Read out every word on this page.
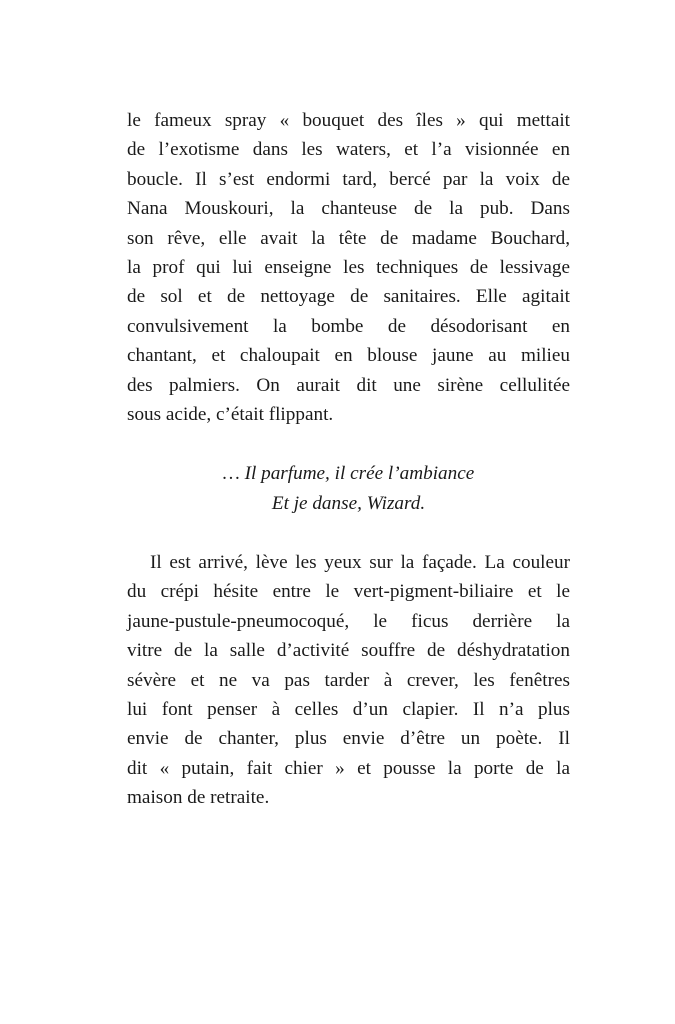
le fameux spray « bouquet des îles » qui mettait
de l’exotisme dans les waters, et l’a visionnée en
boucle. Il s’est endormi tard, bercé par la voix de
Nana Mouskouri, la chanteuse de la pub. Dans
son rêve, elle avait la tête de madame Bouchard,
la prof qui lui enseigne les techniques de lessivage
de sol et de nettoyage de sanitaires. Elle agitait
convulsivement la bombe de désodorisant en
chantant, et chaloupait en blouse jaune au milieu
des palmiers. On aurait dit une sirène cellulitée
sous acide, c’était flippant.
… Il parfume, il crée l’ambiance
Et je danse, Wizard.
Il est arrivé, lève les yeux sur la façade. La couleur
du crépi hésite entre le vert-pigment-biliaire et le
jaune-pustule-pneumocoqué, le ficus derrière la
vitre de la salle d’activité souffre de déshydratation
sévère et ne va pas tarder à crever, les fenêtres
lui font penser à celles d’un clapier. Il n’a plus
envie de chanter, plus envie d’être un poète. Il
dit « putain, fait chier » et pousse la porte de la
maison de retraite.
